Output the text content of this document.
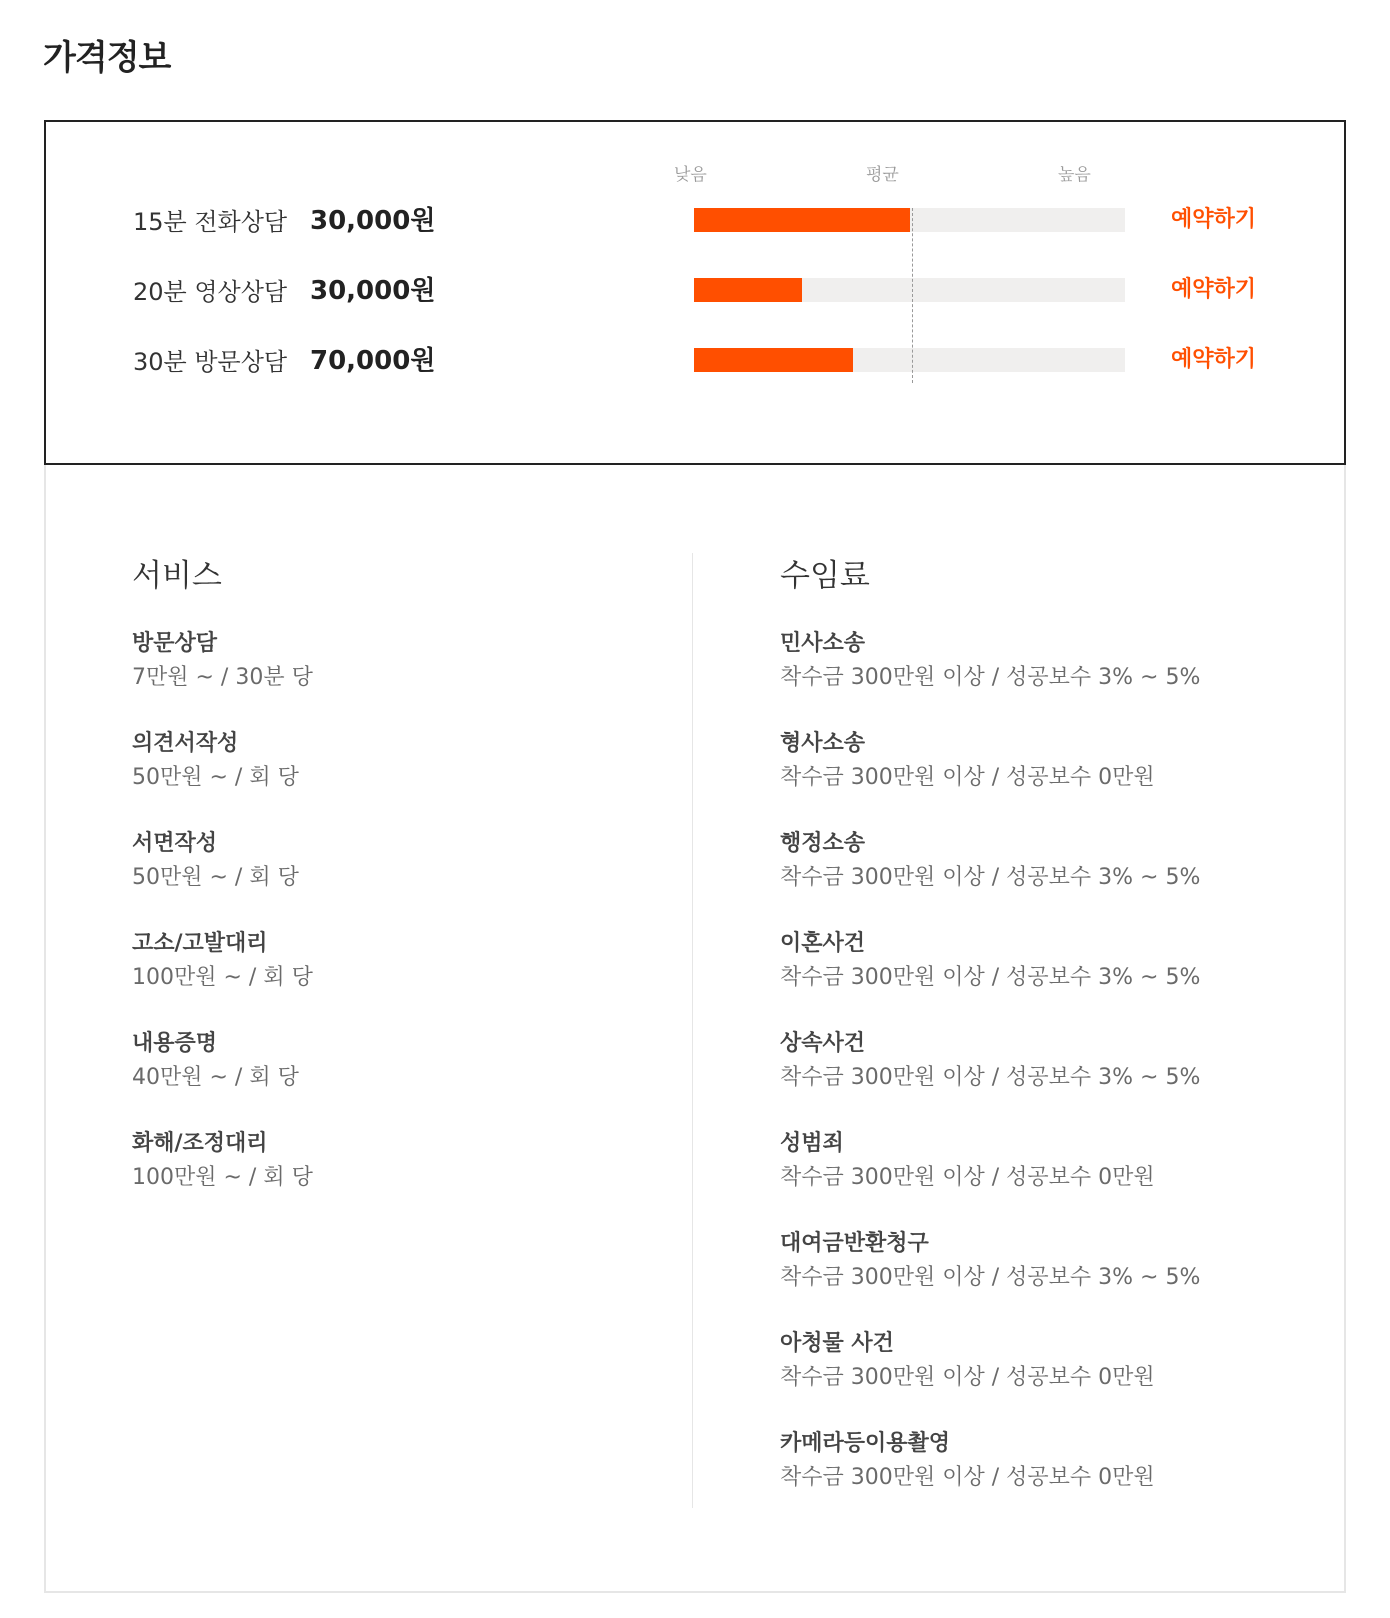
가격정보
낮음	평균	높음
15분 전화상담 30,000원	예약하기
20분 영상상담 30,000원	예약하기
30분 방문상담 70,000원	예약하기
서비스
방문상담
7만원 ~ / 30분 당
의견서작성
50만원 ~ / 회 당
서면작성
50만원 ~ / 회 당
고소/고발대리
100만원 ~ / 회 당
내용증명
40만원 ~ / 회 당
화해/조정대리
100만원 ~ / 회 당
수임료
민사소송
착수금 300만원 이상 / 성공보수 3% ~ 5%
형사소송
착수금 300만원 이상 / 성공보수 0만원
행정소송
착수금 300만원 이상 / 성공보수 3% ~ 5%
이혼사건
착수금 300만원 이상 / 성공보수 3% ~ 5%
상속사건
착수금 300만원 이상 / 성공보수 3% ~ 5%
성범죄
착수금 300만원 이상 / 성공보수 0만원
대여금반환청구
착수금 300만원 이상 / 성공보수 3% ~ 5%
아청물 사건
착수금 300만원 이상 / 성공보수 0만원
카메라등이용촬영
착수금 300만원 이상 / 성공보수 0만원
